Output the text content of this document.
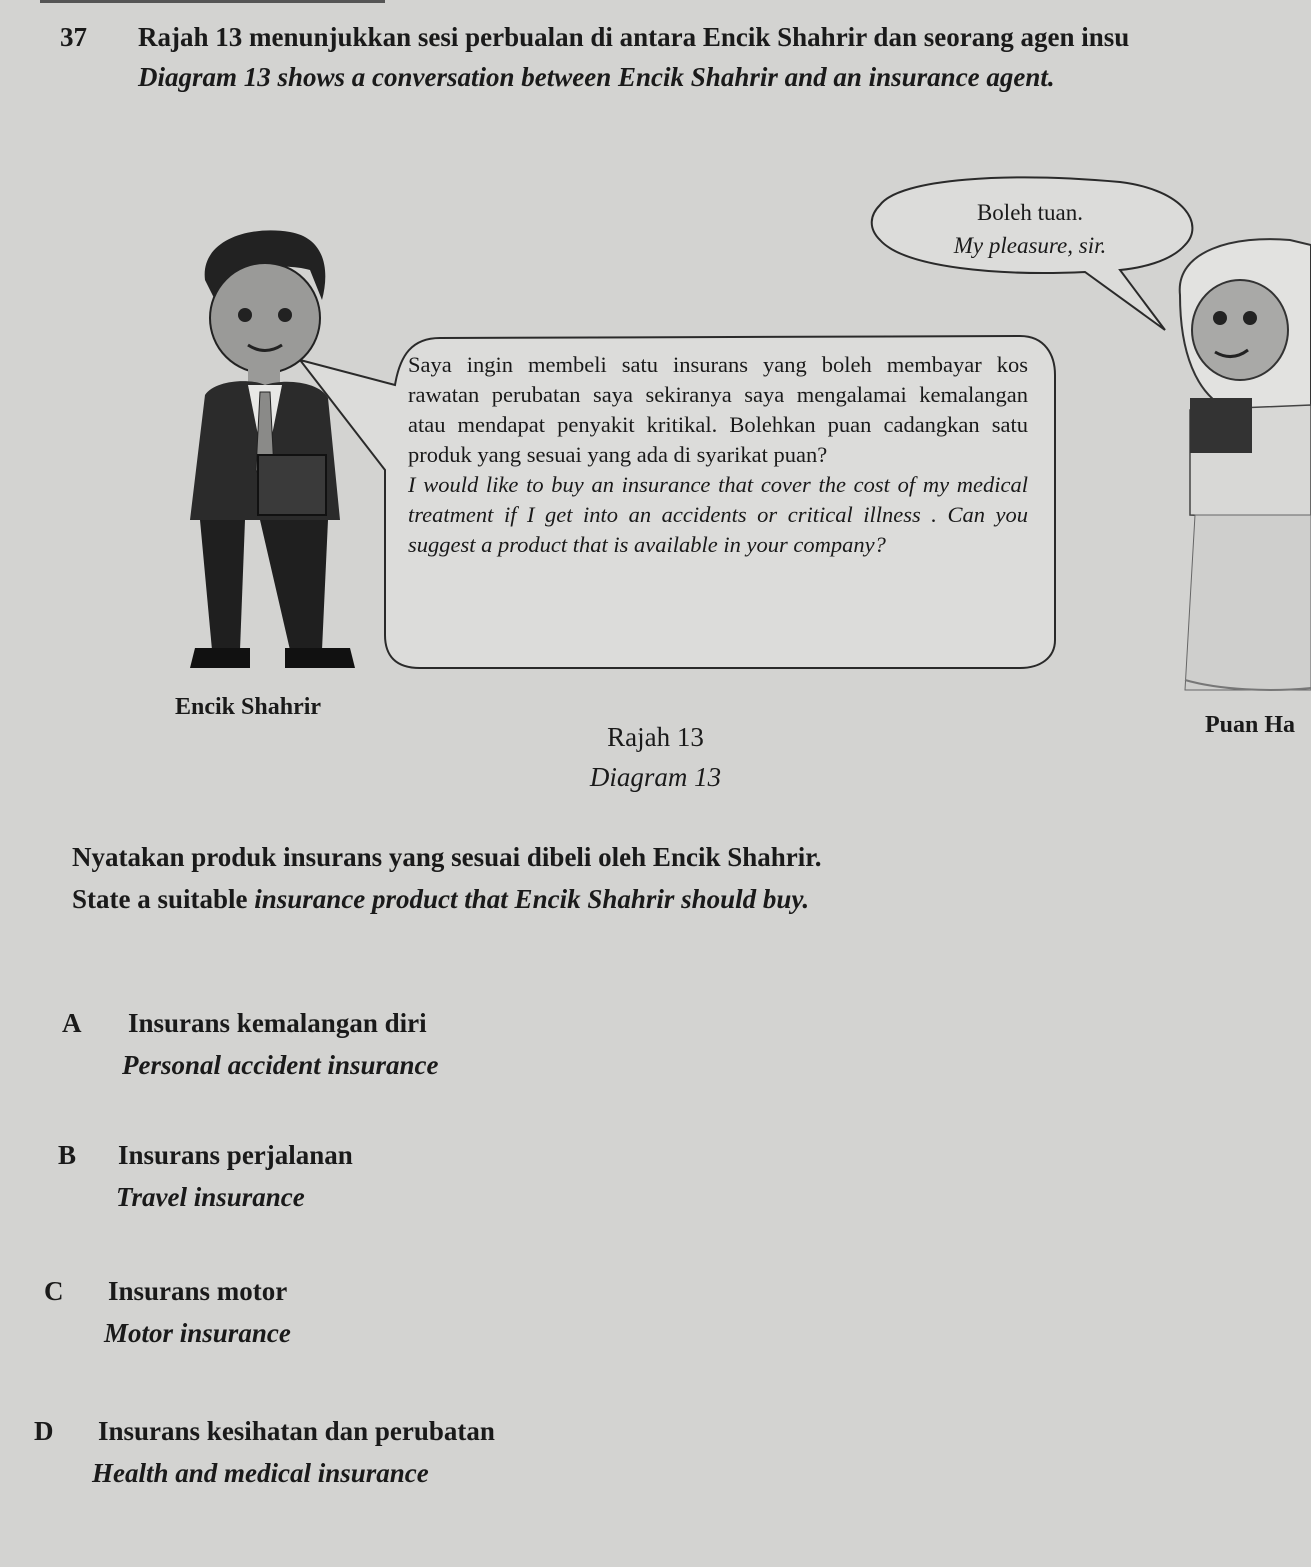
37 Rajah 13 menunjukkan sesi perbualan di antara Encik Shahrir dan seorang agen insu
Diagram 13 shows a conversation between Encik Shahrir and an insurance agent.
Boleh tuan.
My pleasure, sir.
Saya ingin membeli satu insurans yang boleh membayar kos rawatan perubatan saya sekiranya saya mengalamai kemalangan atau mendapat penyakit kritikal. Bolehkan puan cadangkan satu produk yang sesuai yang ada di syarikat puan?
I would like to buy an insurance that cover the cost of my medical treatment if I get into an accidents or critical illness . Can you suggest a product that is available in your company?
Encik Shahrir
Puan Ha
Rajah 13
Diagram 13
Nyatakan produk insurans yang sesuai dibeli oleh Encik Shahrir.
State a suitable insurance product that Encik Shahrir should buy.
A Insurans kemalangan diri
Personal accident insurance
B Insurans perjalanan
Travel insurance
C Insurans motor
Motor insurance
D Insurans kesihatan dan perubatan
Health and medical insurance
